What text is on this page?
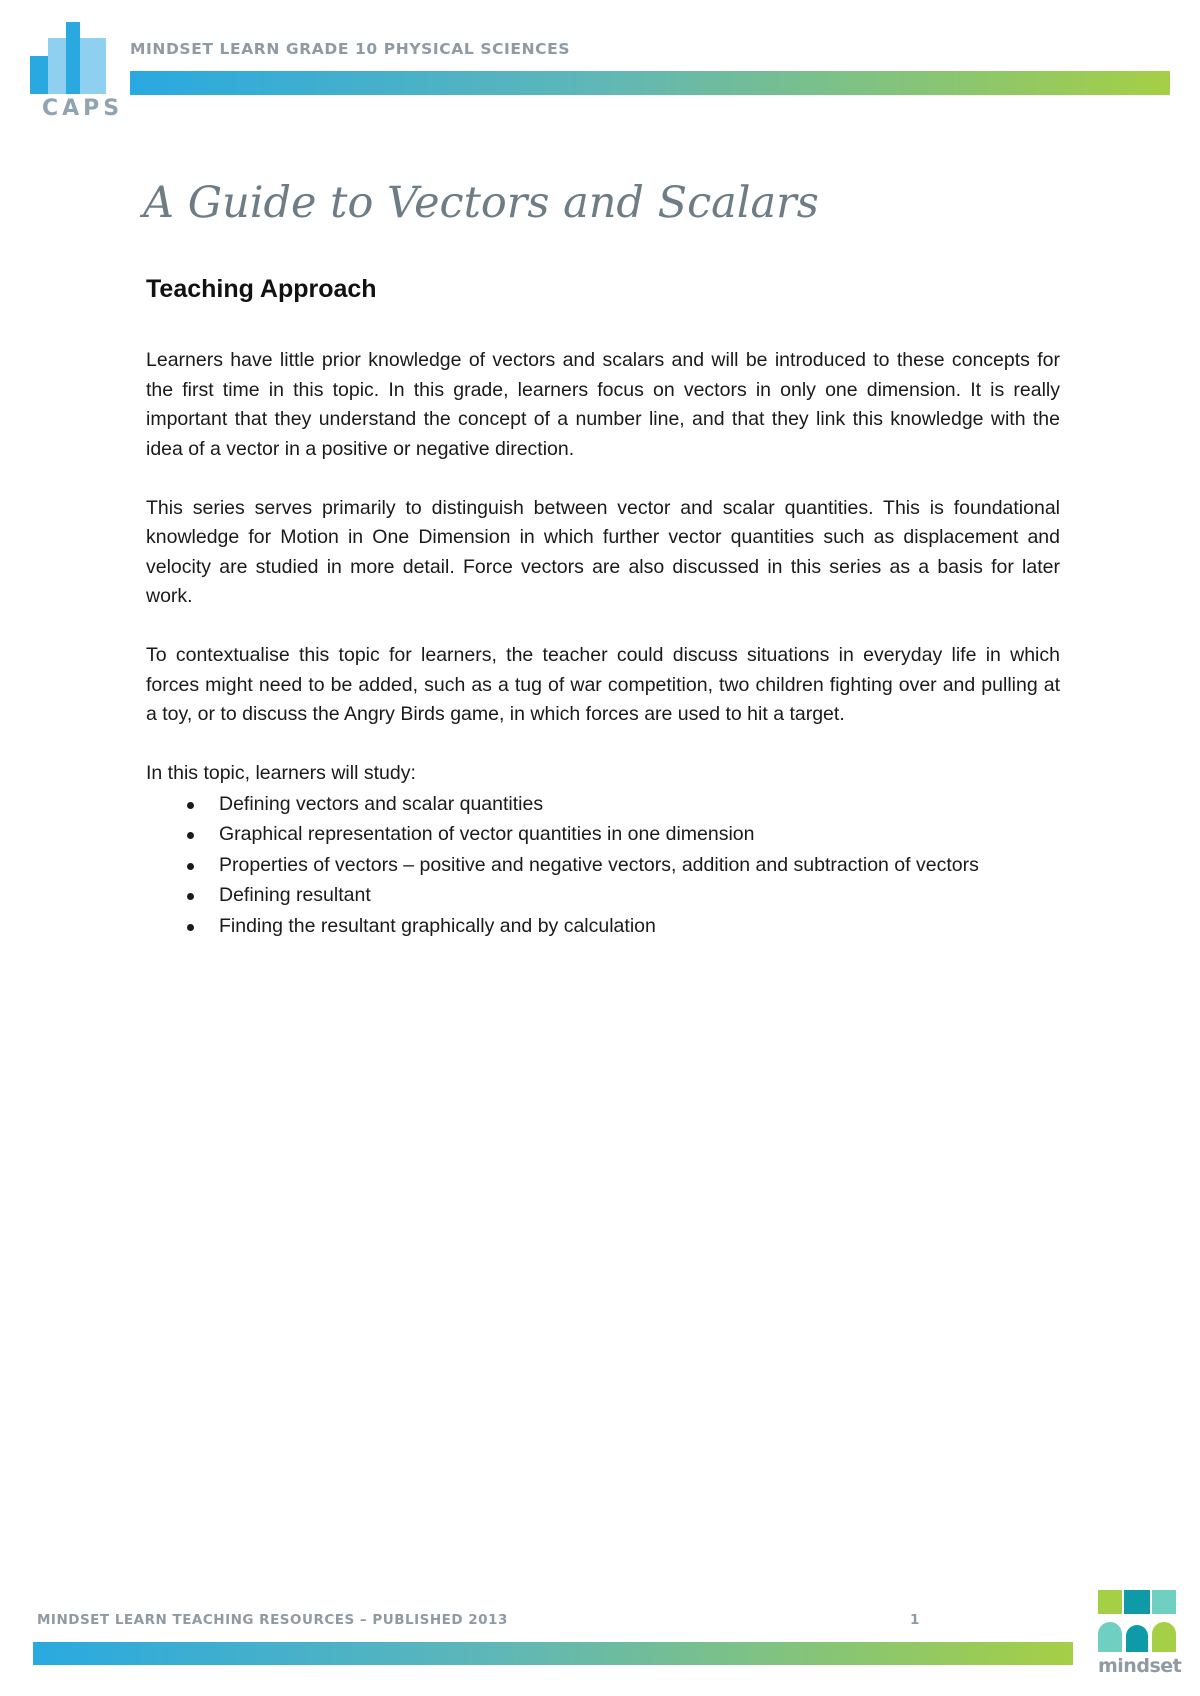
CAPS
MINDSET LEARN GRADE 10 PHYSICAL SCIENCES
A Guide to Vectors and Scalars
Teaching Approach

Learners have little prior knowledge of vectors and scalars and will be introduced to these concepts for the first time in this topic. In this grade, learners focus on vectors in only one dimension. It is really important that they understand the concept of a number line, and that they link this knowledge with the idea of a vector in a positive or negative direction.

This series serves primarily to distinguish between vector and scalar quantities. This is foundational knowledge for Motion in One Dimension in which further vector quantities such as displacement and velocity are studied in more detail. Force vectors are also discussed in this series as a basis for later work.

To contextualise this topic for learners, the teacher could discuss situations in everyday life in which forces might need to be added, such as a tug of war competition, two children fighting over and pulling at a toy, or to discuss the Angry Birds game, in which forces are used to hit a target.

In this topic, learners will study:

Defining vectors and scalar quantities
Graphical representation of vector quantities in one dimension
Properties of vectors – positive and negative vectors, addition and subtraction of vectors
Defining resultant
Finding the resultant graphically and by calculation
MINDSET LEARN TEACHING RESOURCES – PUBLISHED 2013	1
mindset
